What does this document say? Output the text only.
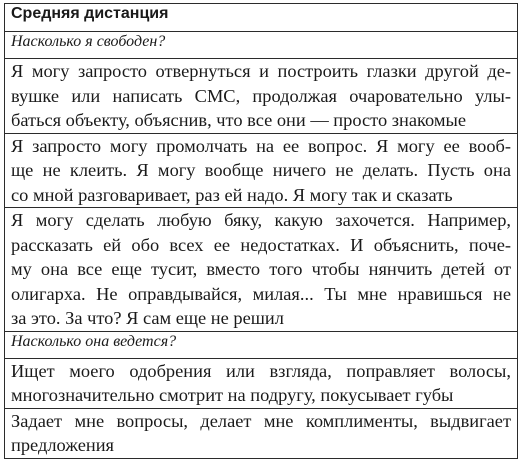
Средняя дистанция
Насколько я свободен?

Я могу запросто отвернуться и построить глазки другой де-
вушке или написать СМС, продолжая очаровательно улы-
баться объекту, объяснив, что все они — просто знакомые

Я запросто могу промолчать на ее вопрос. Я могу ее вооб-
ще не клеить. Я могу вообще ничего не делать. Пусть она
со мной разговаривает, раз ей надо. Я могу так и сказать

Я могу сделать любую бяку, какую захочется. Например,
рассказать ей обо всех ее недостатках. И объяснить, поче-
му она все еще тусит, вместо того чтобы нянчить детей от
олигарха. Не оправдывайся, милая... Ты мне нравишься не
за это. За что? Я сам еще не решил

Насколько она ведется?

Ищет моего одобрения или взгляда, поправляет волосы,
многозначительно смотрит на подругу, покусывает губы

Задает мне вопросы, делает мне комплименты, выдвигает
предложения
